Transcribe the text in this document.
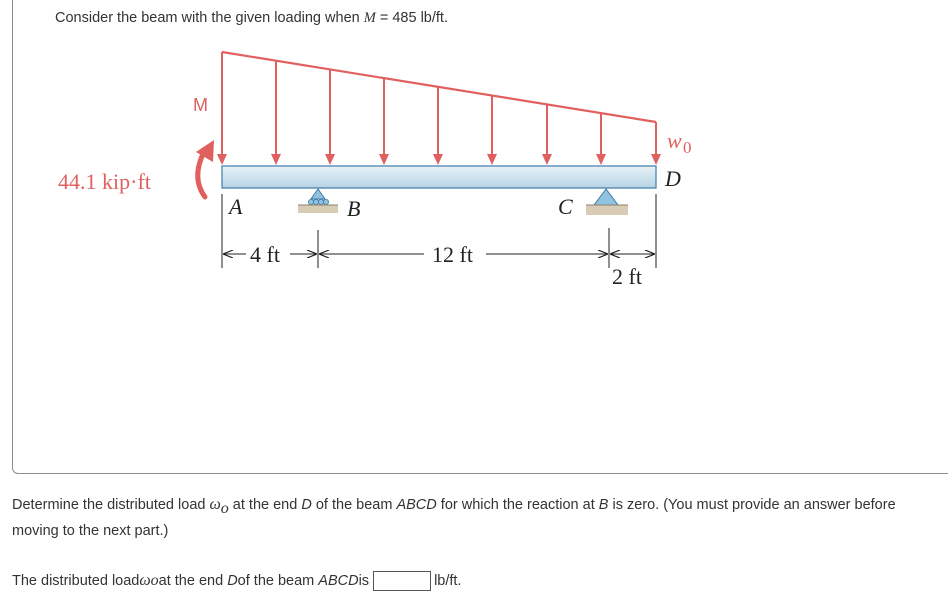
Consider the beam with the given loading when M = 485 lb/ft.
M
44.1 kip·ft
w 0
A	B	C
D
4 ft	12 ft
2 ft
Determine the distributed load $\omega_o$ at the end D of the beam ABCD for which the reaction at B is zero. (You must provide an answer before moving to the next part.)
The distributed load ω o at the end
D of the beam
ABCD is	lb/ft.
